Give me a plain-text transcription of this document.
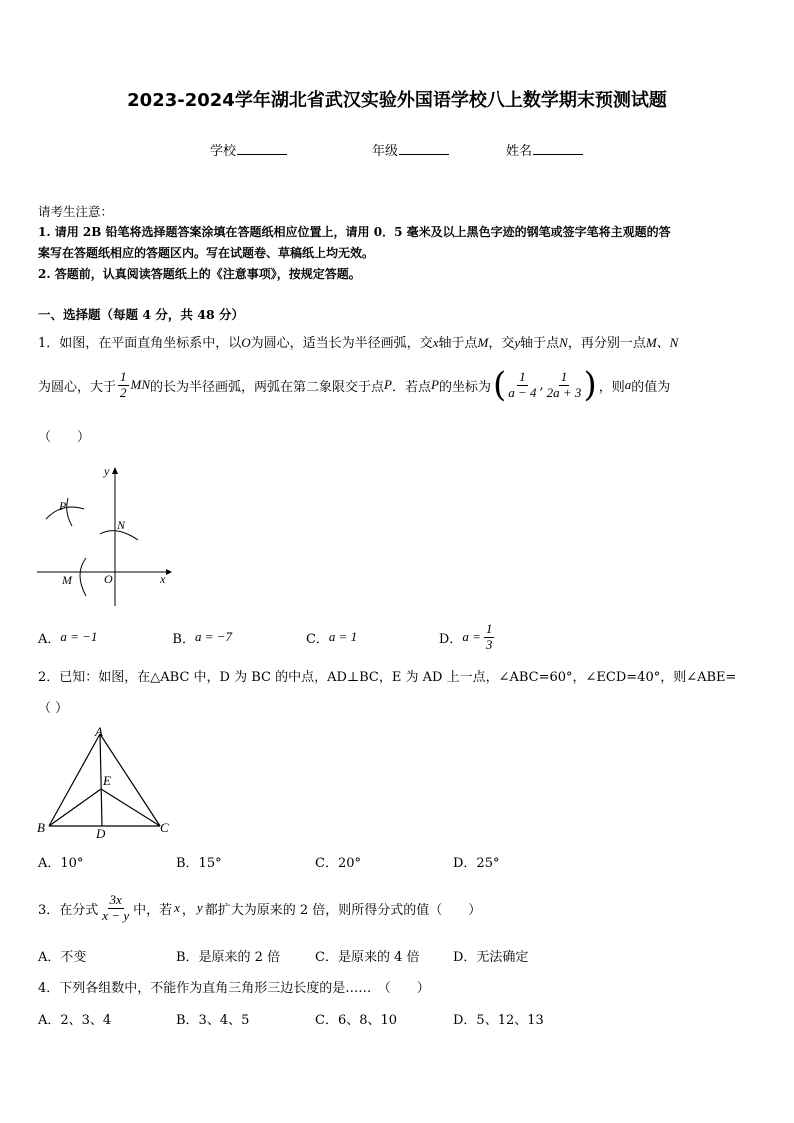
2023-2024学年湖北省武汉实验外国语学校八上数学期末预测试题
学校	年级	姓名
请考生注意：
1. 请用 2B 铅笔将选择题答案涂填在答题纸相应位置上，请用 0．5 毫米及以上黑色字迹的钢笔或签字笔将主观题的答
案写在答题纸相应的答题区内。写在试题卷、草稿纸上均无效。
2. 答题前，认真阅读答题纸上的《注意事项》，按规定答题。
一、选择题（每题 4 分，共 48 分）
1．如图，在平面直角坐标系中，以O为圆心，适当长为半径画弧，交x轴于点M，交y轴于点N，再分别一点M、N
为圆心，大于 $\frac{1}{2}$ MN 的长为半径画弧，两弧在第二象限交于点 P ．若点 P 的坐标为 ( $\frac{1}{a - 4}$ , $\frac{1}{2a + 3}$ ) ，则 a 的值为
（　　）
y
x
P
N
M	O
A． a = −1	B． a = −7	C． a = 1	D． $a = \frac{1}{3}$
2．已知：如图，在△ABC 中，D 为 BC 的中点，AD⊥BC，E 为 AD 上一点，∠ABC=60°，∠ECD=40°，则∠ABE=
（ ）
A
B	C
D
E
A．10°	B．15°	C．20°	D．25°
3．在分式 $\frac{3x}{x - y}$ 中，若 x ， y 都扩大为原来的 2 倍，则所得分式的值（　　）
A．不变	B．是原来的 2 倍	C．是原来的 4 倍	D．无法确定
4．下列各组数中，不能作为直角三角形三边长度的是……　（　　）
A．2、3、4	B．3、4、5	C．6、8、10	D．5、12、13
